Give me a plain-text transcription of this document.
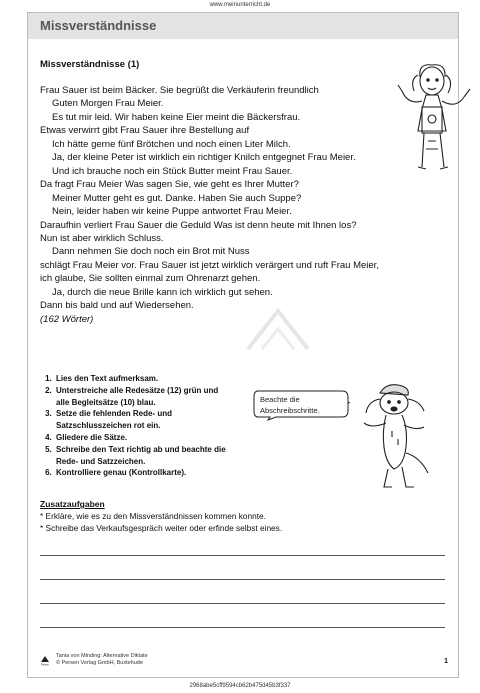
www.meinunterricht.de
Missverständnisse
Missverständnisse (1)
Frau Sauer ist beim Bäcker. Sie begrüßt die Verkäuferin freundlich
Guten Morgen Frau Meier.
Es tut mir leid. Wir haben keine Eier meint die Bäckersfrau.
Etwas verwirrt gibt Frau Sauer ihre Bestellung auf
Ich hätte gerne fünf Brötchen und noch einen Liter Milch.
Ja, der kleine Peter ist wirklich ein richtiger Knilch entgegnet Frau Meier.
Und ich brauche noch ein Stück Butter meint Frau Sauer.
Da fragt Frau Meier Was sagen Sie, wie geht es Ihrer Mutter?
Meiner Mutter geht es gut. Danke. Haben Sie auch Suppe?
Nein, leider haben wir keine Puppe antwortet Frau Meier.
Daraufhin verliert Frau Sauer die Geduld Was ist denn heute mit Ihnen los?
Nun ist aber wirklich Schluss.
Dann nehmen Sie doch noch ein Brot mit Nuss
schlägt Frau Meier vor. Frau Sauer ist jetzt wirklich verärgert und ruft Frau Meier,
ich glaube, Sie sollten einmal zum Ohrenarzt gehen.
Ja, durch die neue Brille kann ich wirklich gut sehen.
Dann bis bald und auf Wiedersehen.
(162 Wörter)
1. Lies den Text aufmerksam.
2. Unterstreiche alle Redesätze (12) grün und alle Begleitsätze (10) blau.
3. Setze die fehlenden Rede- und Satzschlusszeichen rot ein.
4. Gliedere die Sätze.
5. Schreibe den Text richtig ab und beachte die Rede- und Satzzeichen.
6. Kontrolliere genau (Kontrollkarte).
Beachte die Abschreibschritte.
Zusatzaufgaben
* Erkläre, wie es zu den Missverständnissen kommen konnte.
* Schreibe das Verkaufsgespräch weiter oder erfinde selbst eines.
Persen
Tania von Minding: Alternative Diktate
© Persen Verlag GmbH, Buxtehude	1
2968abe5cff9594cb62b475d45b3f337
